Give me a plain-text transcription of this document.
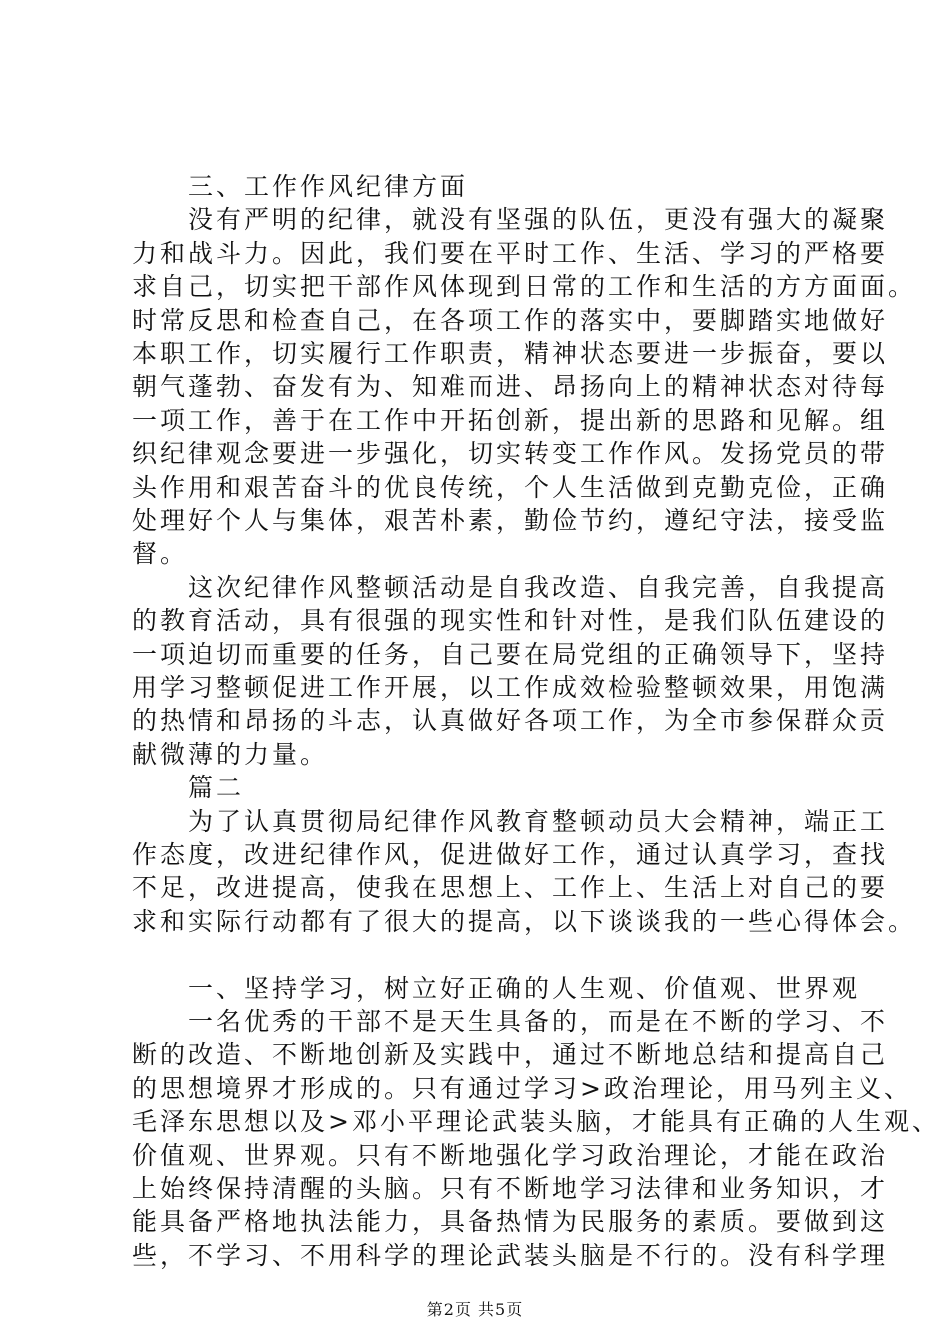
　　三、工作作风纪律方面
　　没有严明的纪律，就没有坚强的队伍，更没有强大的凝聚
力和战斗力。因此，我们要在平时工作、生活、学习的严格要
求自己，切实把干部作风体现到日常的工作和生活的方方面面。
时常反思和检查自己，在各项工作的落实中，要脚踏实地做好
本职工作，切实履行工作职责，精神状态要进一步振奋，要以
朝气蓬勃、奋发有为、知难而进、昂扬向上的精神状态对待每
一项工作，善于在工作中开拓创新，提出新的思路和见解。组
织纪律观念要进一步强化，切实转变工作作风。发扬党员的带
头作用和艰苦奋斗的优良传统，个人生活做到克勤克俭，正确
处理好个人与集体，艰苦朴素，勤俭节约，遵纪守法，接受监
督。
　　这次纪律作风整顿活动是自我改造、自我完善，自我提高
的教育活动，具有很强的现实性和针对性，是我们队伍建设的
一项迫切而重要的任务，自己要在局党组的正确领导下，坚持
用学习整顿促进工作开展，以工作成效检验整顿效果，用饱满
的热情和昂扬的斗志，认真做好各项工作，为全市参保群众贡
献微薄的力量。
　　篇二
　　为了认真贯彻局纪律作风教育整顿动员大会精神，端正工
作态度，改进纪律作风，促进做好工作，通过认真学习，查找
不足，改进提高，使我在思想上、工作上、生活上对自己的要
求和实际行动都有了很大的提高，以下谈谈我的一些心得体会。
　　一、坚持学习，树立好正确的人生观、价值观、世界观
　　一名优秀的干部不是天生具备的，而是在不断的学习、不
断的改造、不断地创新及实践中，通过不断地总结和提高自己
的思想境界才形成的。只有通过学习>政治理论，用马列主义、
毛泽东思想以及>邓小平理论武装头脑，才能具有正确的人生观、
价值观、世界观。只有不断地强化学习政治理论，才能在政治
上始终保持清醒的头脑。只有不断地学习法律和业务知识，才
能具备严格地执法能力，具备热情为民服务的素质。要做到这
些，不学习、不用科学的理论武装头脑是不行的。没有科学理
第2页 共5页
